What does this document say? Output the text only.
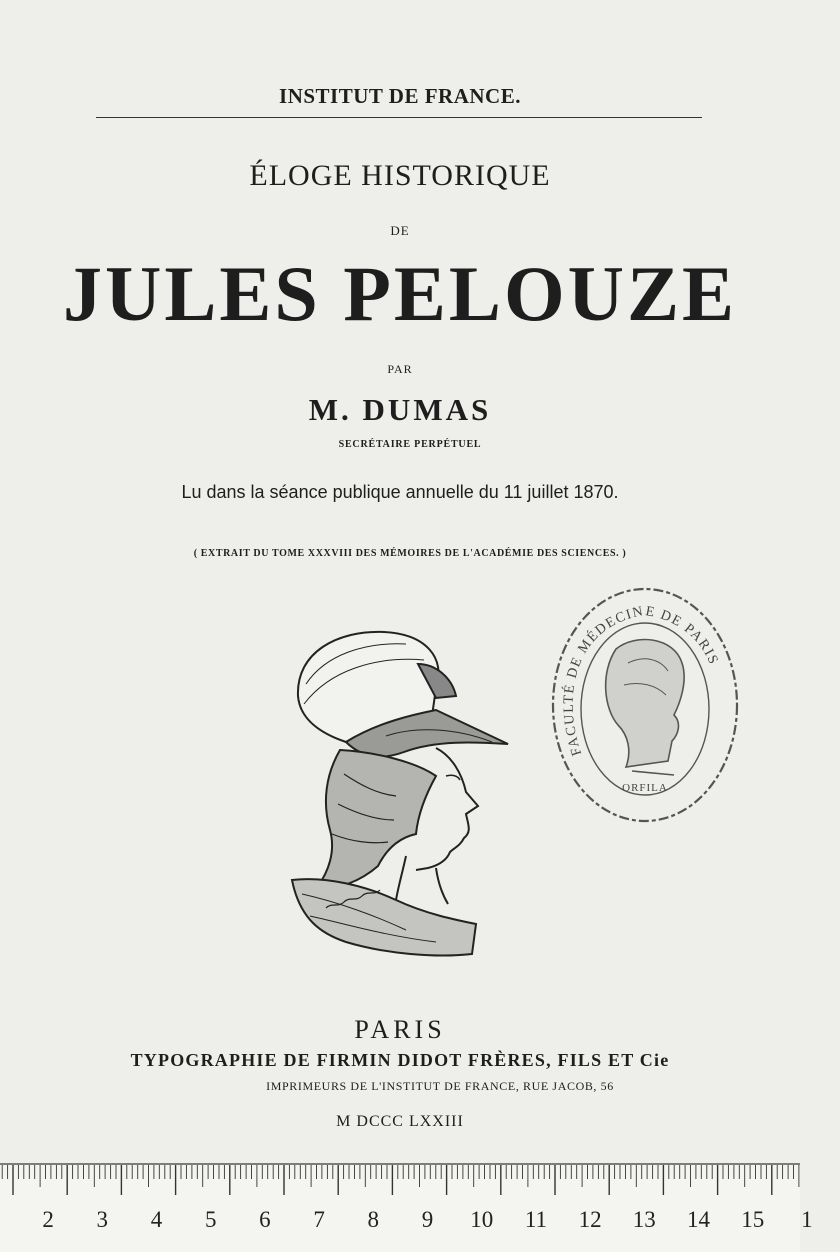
INSTITUT DE FRANCE.
ÉLOGE HISTORIQUE
DE
JULES PELOUZE
PAR
M. DUMAS
SECRÉTAIRE PERPÉTUEL
Lu dans la séance publique annuelle du 11 juillet 1870.
( EXTRAIT DU TOME XXXVIII DES MÉMOIRES DE L'ACADÉMIE DES SCIENCES. )
FACULTÉ DE MÉDECINE DE PARIS
ORFILA
PARIS
TYPOGRAPHIE DE FIRMIN DIDOT FRÈRES, FILS ET Cie
IMPRIMEURS DE L'INSTITUT DE FRANCE, RUE JACOB, 56
M DCCC LXXIII
2 3 4 5 6 7 8 9 10 11 12 13 14 15 1
